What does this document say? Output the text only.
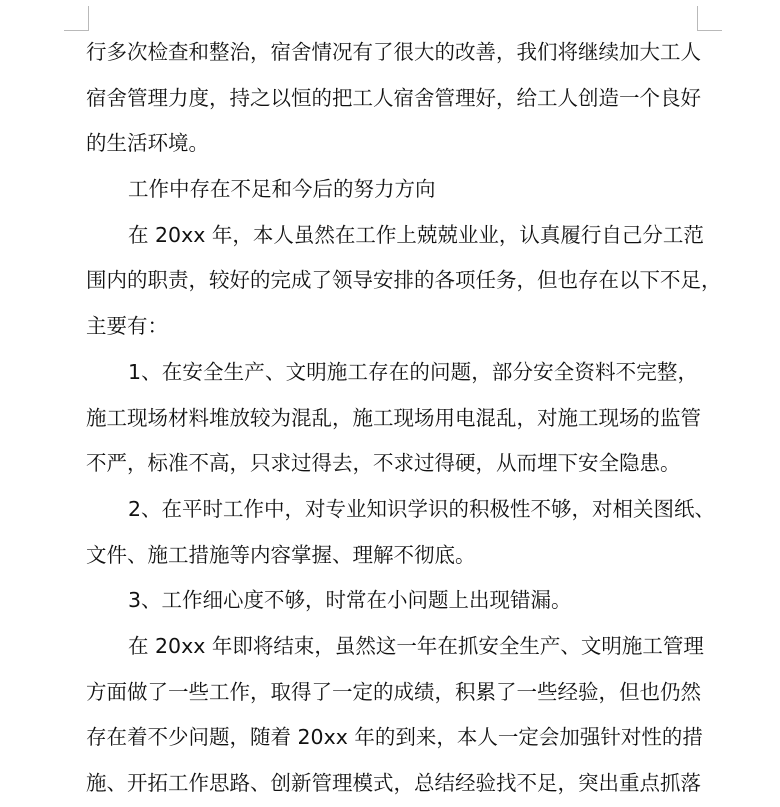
行多次检查和整治，宿舍情况有了很大的改善，我们将继续加大工人
宿舍管理力度，持之以恒的把工人宿舍管理好，给工人创造一个良好
的生活环境。
工作中存在不足和今后的努力方向
在 20xx 年，本人虽然在工作上兢兢业业，认真履行自己分工范
围内的职责，较好的完成了领导安排的各项任务，但也存在以下不足，
主要有：
1、在安全生产、文明施工存在的问题，部分安全资料不完整，
施工现场材料堆放较为混乱，施工现场用电混乱，对施工现场的监管
不严，标准不高，只求过得去，不求过得硬，从而埋下安全隐患。
2、在平时工作中，对专业知识学识的积极性不够，对相关图纸、
文件、施工措施等内容掌握、理解不彻底。
3、工作细心度不够，时常在小问题上出现错漏。
在 20xx 年即将结束，虽然这一年在抓安全生产、文明施工管理
方面做了一些工作，取得了一定的成绩，积累了一些经验，但也仍然
存在着不少问题，随着 20xx 年的到来，本人一定会加强针对性的措
施、开拓工作思路、创新管理模式，总结经验找不足，突出重点抓落
